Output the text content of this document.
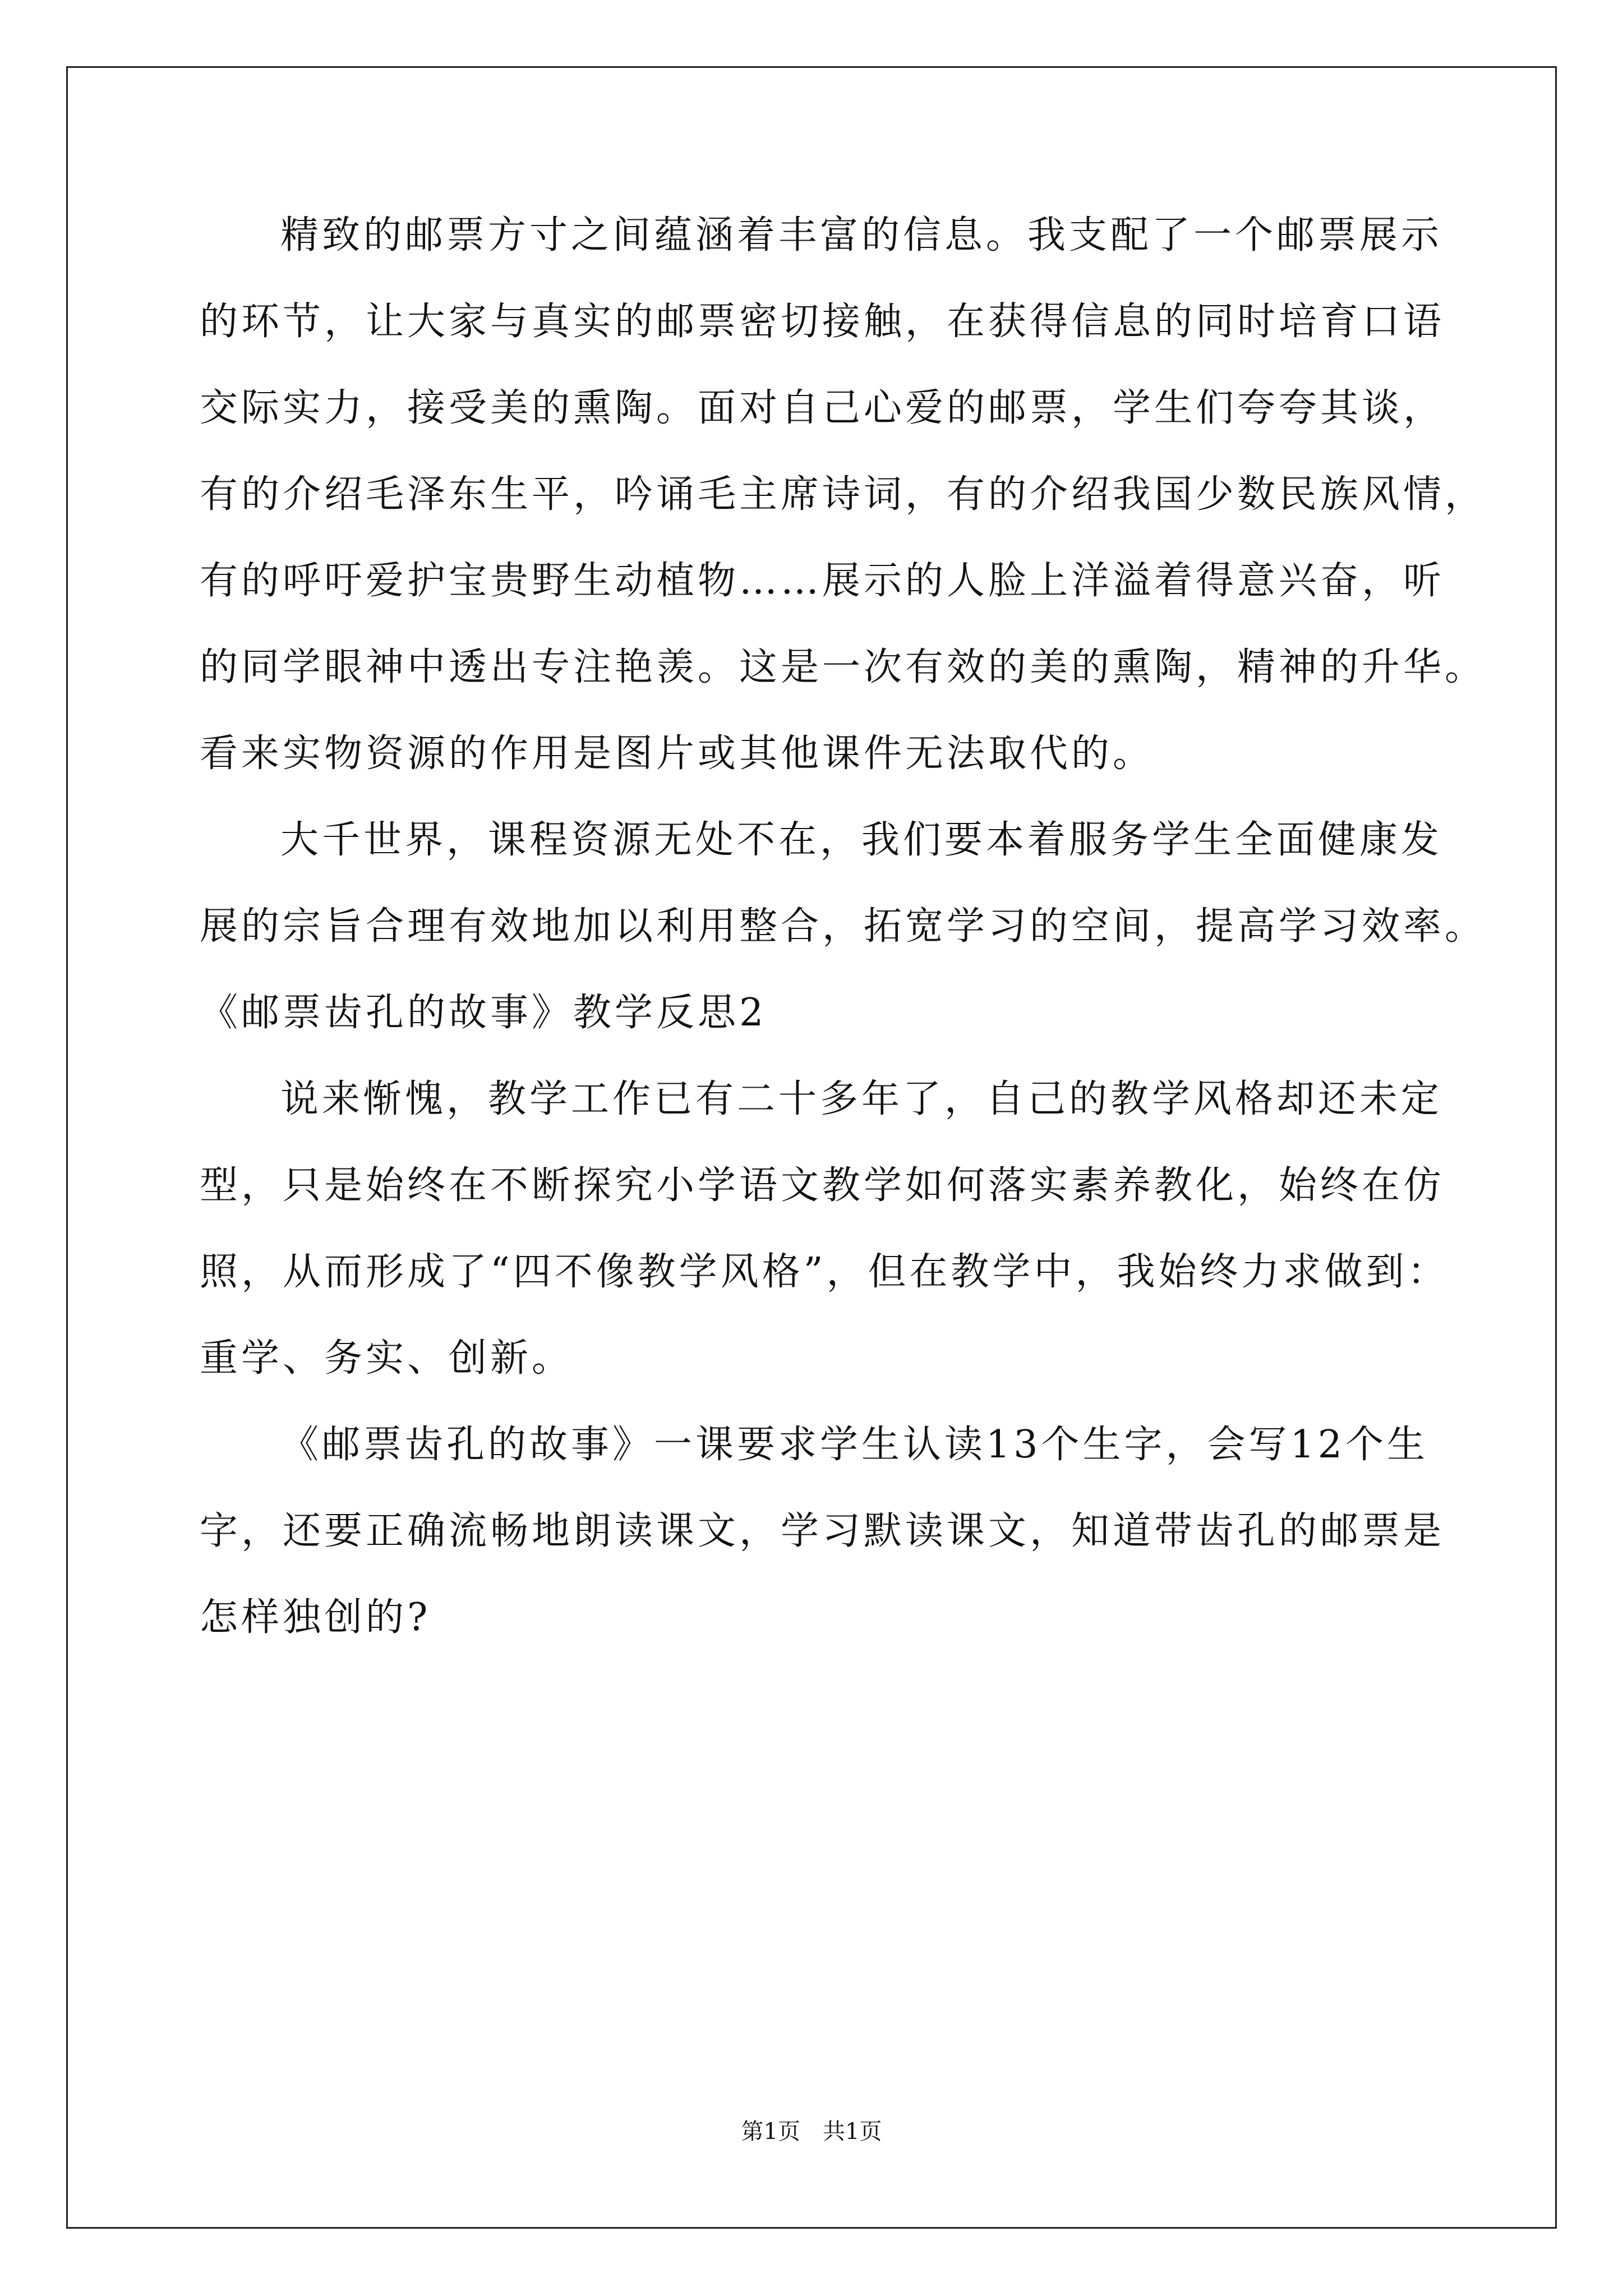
精致的邮票方寸之间蕴涵着丰富的信息。我支配了一个邮票展示
的环节，让大家与真实的邮票密切接触，在获得信息的同时培育口语
交际实力，接受美的熏陶。面对自己心爱的邮票，学生们夸夸其谈，
有的介绍毛泽东生平，吟诵毛主席诗词，有的介绍我国少数民族风情，
有的呼吁爱护宝贵野生动植物……展示的人脸上洋溢着得意兴奋，听
的同学眼神中透出专注艳羡。这是一次有效的美的熏陶，精神的升华。
看来实物资源的作用是图片或其他课件无法取代的。
大千世界，课程资源无处不在，我们要本着服务学生全面健康发
展的宗旨合理有效地加以利用整合，拓宽学习的空间，提高学习效率。
《邮票齿孔的故事》教学反思2
说来惭愧，教学工作已有二十多年了，自己的教学风格却还未定
型，只是始终在不断探究小学语文教学如何落实素养教化，始终在仿
照，从而形成了“四不像教学风格”，但在教学中，我始终力求做到：
重学、务实、创新。
《邮票齿孔的故事》一课要求学生认读13个生字，会写12个生
字，还要正确流畅地朗读课文，学习默读课文，知道带齿孔的邮票是
怎样独创的?
第1页　共1页
